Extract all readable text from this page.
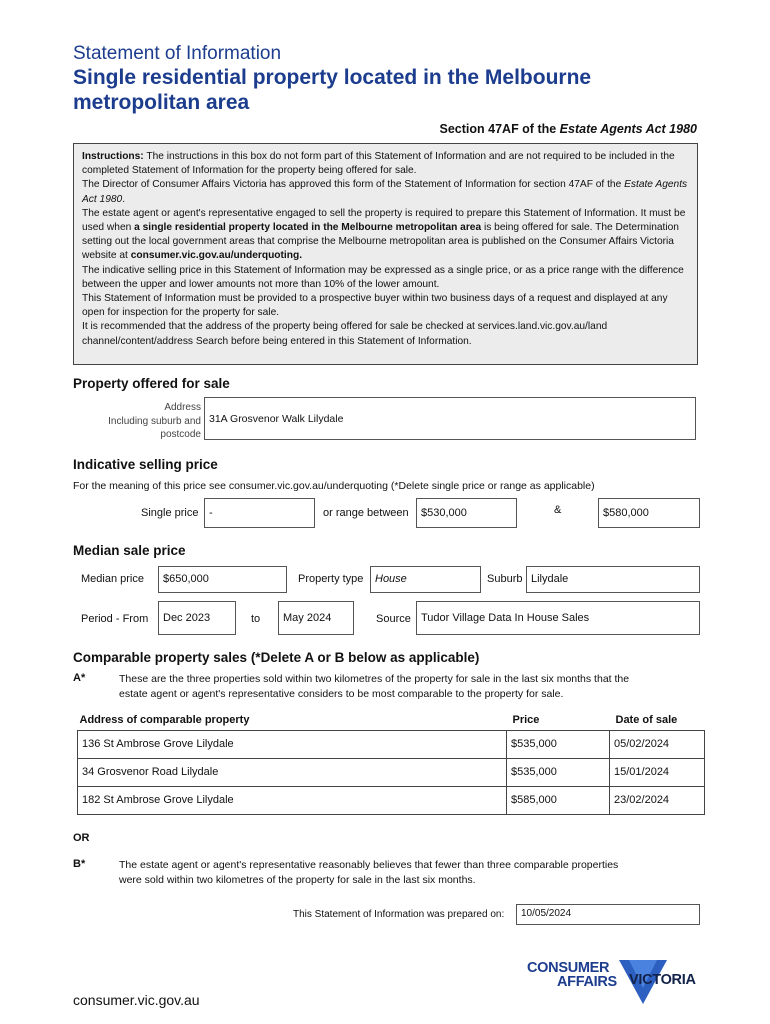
Statement of Information
Single residential property located in the Melbourne
metropolitan area
Section 47AF of the Estate Agents Act 1980

Instructions: The instructions in this box do not form part of this Statement of Information and are not required to be included in the completed Statement of Information for the property being offered for sale.

The Director of Consumer Affairs Victoria has approved this form of the Statement of Information for section 47AF of the Estate Agents Act 1980.

The estate agent or agent's representative engaged to sell the property is required to prepare this Statement of Information. It must be used when a single residential property located in the Melbourne metropolitan area is being offered for sale. The Determination setting out the local government areas that comprise the Melbourne metropolitan area is published on the Consumer Affairs Victoria website at consumer.vic.gov.au/underquoting.

The indicative selling price in this Statement of Information may be expressed as a single price, or as a price range with the difference between the upper and lower amounts not more than 10% of the lower amount.

This Statement of Information must be provided to a prospective buyer within two business days of a request and displayed at any open for inspection for the property for sale.

It is recommended that the address of the property being offered for sale be checked at services.land.vic.gov.au/land channel/content/address Search before being entered in this Statement of Information.

Property offered for sale
Address
Including suburb and
postcode
31A Grosvenor Walk Lilydale
Indicative selling price
For the meaning of this price see consumer.vic.gov.au/underquoting (*Delete single price or range as applicable)
Single price -	or range between	$530,000	&	$580,000
Median sale price
Median price	$650,000	Property type	House	Suburb Lilydale
Period - From	Dec 2023	to	May 2024	Source Tudor Village Data In House Sales
Comparable property sales (*Delete A or B below as applicable)
A*	These are the three properties sold within two kilometres of the property for sale in the last six months that the
estate agent or agent's representative considers to be most comparable to the property for sale.
Address of comparable property	Price	Date of sale
136 St Ambrose Grove Lilydale	$535,000	05/02/2024
34 Grosvenor Road Lilydale	$535,000	15/01/2024
182 St Ambrose Grove Lilydale	$585,000	23/02/2024
OR
B*	The estate agent or agent's representative reasonably believes that fewer than three comparable properties
were sold within two kilometres of the property for sale in the last six months.
This Statement of Information was prepared on:	10/05/2024
CONSUMER
AFFAIRS VICTORIA
consumer.vic.gov.au
